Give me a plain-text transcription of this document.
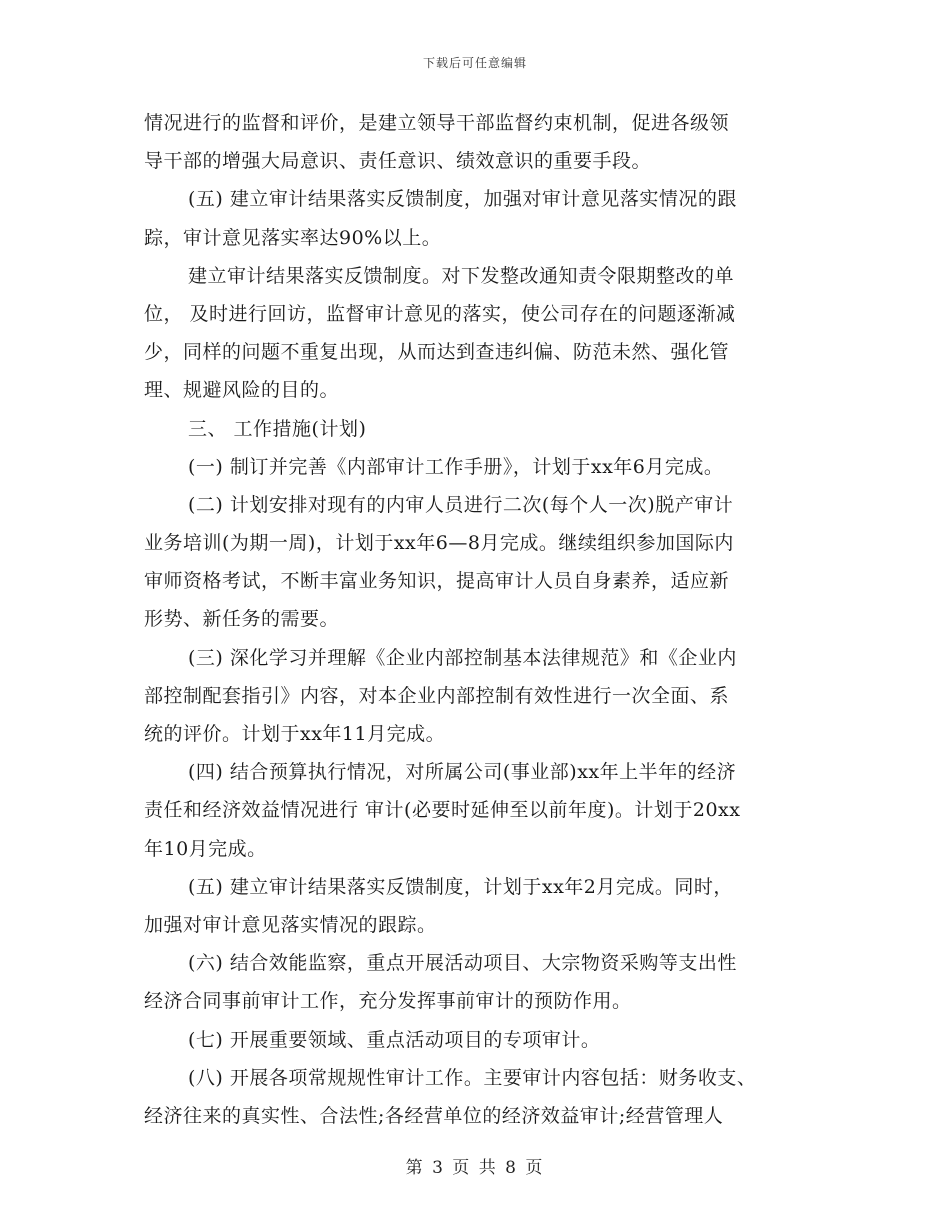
下载后可任意编辑
情况进行的监督和评价，是建立领导干部监督约束机制，促进各级领
导干部的增强大局意识、责任意识、绩效意识的重要手段。
(五) 建立审计结果落实反馈制度，加强对审计意见落实情况的跟
踪，审计意见落实率达90%以上。
建立审计结果落实反馈制度。对下发整改通知责令限期整改的单
位， 及时进行回访，监督审计意见的落实，使公司存在的问题逐渐减
少，同样的问题不重复出现，从而达到查违纠偏、防范未然、强化管
理、规避风险的目的。
三、 工作措施(计划)
(一) 制订并完善《内部审计工作手册》，计划于xx年6月完成。
(二) 计划安排对现有的内审人员进行二次(每个人一次)脱产审计
业务培训(为期一周)，计划于xx年6—8月完成。继续组织参加国际内
审师资格考试，不断丰富业务知识，提高审计人员自身素养，适应新
形势、新任务的需要。
(三) 深化学习并理解《企业内部控制基本法律规范》和《企业内
部控制配套指引》内容，对本企业内部控制有效性进行一次全面、系
统的评价。计划于xx年11月完成。
(四) 结合预算执行情况，对所属公司(事业部)xx年上半年的经济
责任和经济效益情况进行 审计(必要时延伸至以前年度)。计划于20xx
年10月完成。
(五) 建立审计结果落实反馈制度，计划于xx年2月完成。同时，
加强对审计意见落实情况的跟踪。
(六) 结合效能监察，重点开展活动项目、大宗物资采购等支出性
经济合同事前审计工作，充分发挥事前审计的预防作用。
(七) 开展重要领域、重点活动项目的专项审计。
(八) 开展各项常规规性审计工作。主要审计内容包括：财务收支、
经济往来的真实性、合法性;各经营单位的经济效益审计;经营管理人
第 3 页 共 8 页
